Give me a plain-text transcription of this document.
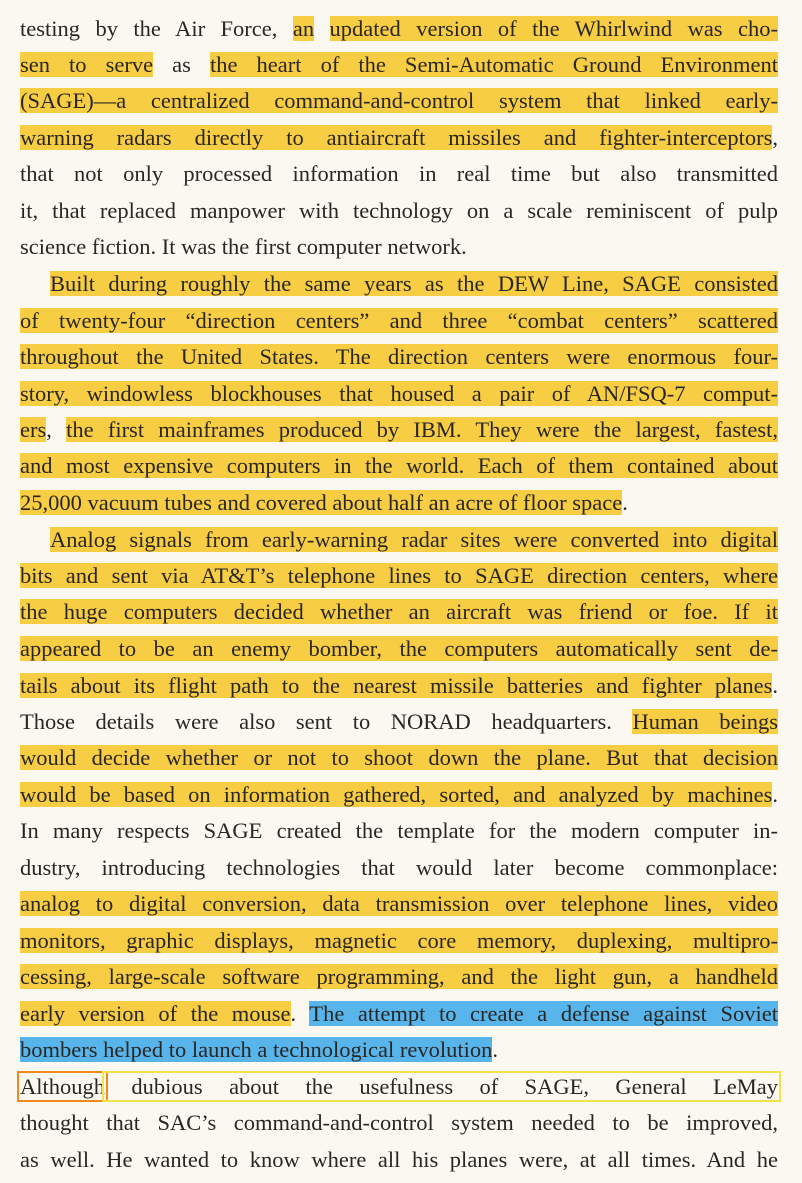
testing by the Air Force, an updated version of the Whirlwind was cho-
sen to serve as the heart of the Semi-Automatic Ground Environment
(SAGE)—a centralized command-and-control system that linked early-
warning radars directly to antiaircraft missiles and fighter-interceptors,
that not only processed information in real time but also transmitted
it, that replaced manpower with technology on a scale reminiscent of pulp
science fiction. It was the first computer network.
Built during roughly the same years as the DEW Line, SAGE consisted
of twenty-four “direction centers” and three “combat centers” scattered
throughout the United States. The direction centers were enormous four-
story, windowless blockhouses that housed a pair of AN/FSQ-7 comput-
ers, the first mainframes produced by IBM. They were the largest, fastest,
and most expensive computers in the world. Each of them contained about
25,000 vacuum tubes and covered about half an acre of floor space.
Analog signals from early-warning radar sites were converted into digital
bits and sent via AT&T’s telephone lines to SAGE direction centers, where
the huge computers decided whether an aircraft was friend or foe. If it
appeared to be an enemy bomber, the computers automatically sent de-
tails about its flight path to the nearest missile batteries and fighter planes.
Those details were also sent to NORAD headquarters. Human beings
would decide whether or not to shoot down the plane. But that decision
would be based on information gathered, sorted, and analyzed by machines.
In many respects SAGE created the template for the modern computer in-
dustry, introducing technologies that would later become commonplace:
analog to digital conversion, data transmission over telephone lines, video
monitors, graphic displays, magnetic core memory, duplexing, multipro-
cessing, large-scale software programming, and the light gun, a handheld
early version of the mouse. The attempt to create a defense against Soviet
bombers helped to launch a technological revolution.
Although dubious about the usefulness of SAGE, General LeMay
thought that SAC’s command-and-control system needed to be improved,
as well. He wanted to know where all his planes were, at all times. And he
